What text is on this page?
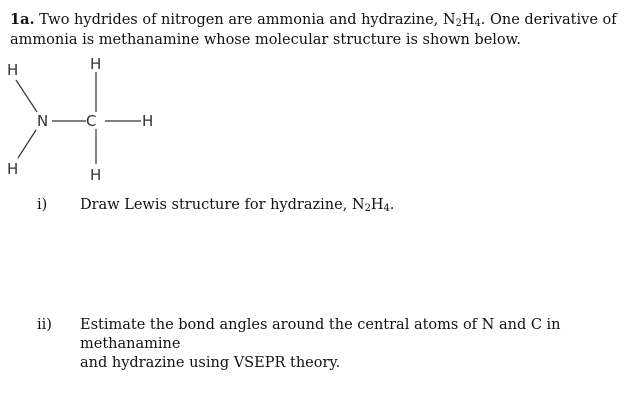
1a. Two hydrides of nitrogen are ammonia and hydrazine, $N_2H_4$. One derivative of
ammonia is methanamine whose molecular structure is shown below.
H
H
N	C
H
H
H
i) Draw Lewis structure for hydrazine, $N_2H_4$.
ii) Estimate the bond angles around the central atoms of N and C in methanamine
and hydrazine using VSEPR theory.
